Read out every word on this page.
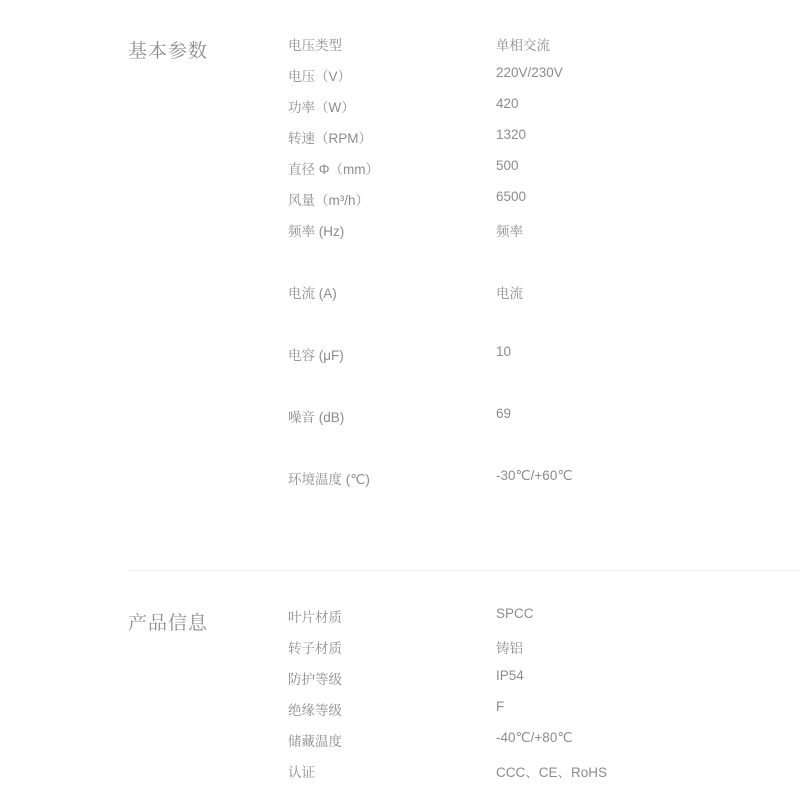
基本参数	电压类型	单相交流
电压（V）	220V/230V
功率（W）	420
转速（RPM）	1320
直径 Φ（mm）	500
风量（m³/h）	6500
频率 (Hz)	频率
电流 (A)	电流
电容 (μF)	10
噪音 (dB)	69
环境温度 (℃)	-30℃/+60℃
产品信息	叶片材质	SPCC
转子材质	铸铝
防护等级	IP54
绝缘等级	F
储藏温度	-40℃/+80℃
认证	CCC、CE、RoHS
